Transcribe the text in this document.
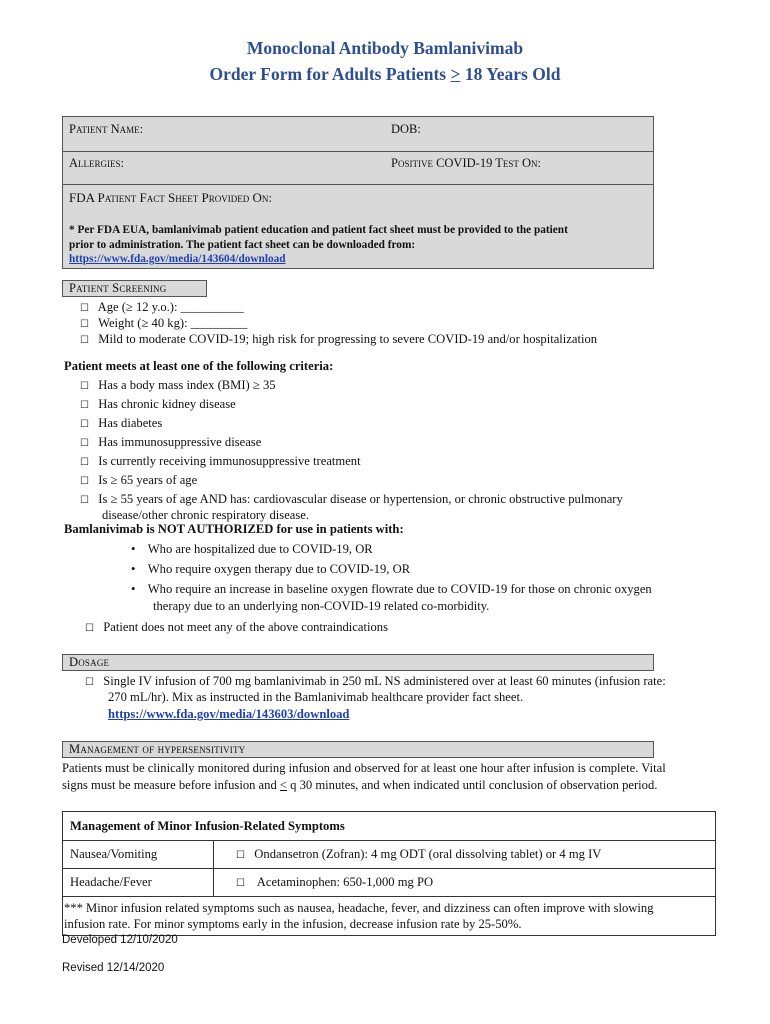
Monoclonal Antibody Bamlanivimab
Order Form for Adults Patients > 18 Years Old
Patient Name:	DOB:
Allergies:	Positive COVID-19 Test On:
FDA Patient Fact Sheet Provided On:
* Per FDA EUA, bamlanivimab patient education and patient fact sheet must be provided to the patient
prior to administration. The patient fact sheet can be downloaded from:
https://www.fda.gov/media/143604/download
Patient Screening
☐ Age (≥ 12 y.o.): __________
☐ Weight (≥ 40 kg): _________
☐ Mild to moderate COVID-19; high risk for progressing to severe COVID-19 and/or hospitalization
Patient meets at least one of the following criteria:
☐ Has a body mass index (BMI) ≥ 35
☐ Has chronic kidney disease
☐ Has diabetes
☐ Has immunosuppressive disease
☐ Is currently receiving immunosuppressive treatment
☐ Is ≥ 65 years of age
☐ Is ≥ 55 years of age AND has: cardiovascular disease or hypertension, or chronic obstructive pulmonary
disease/other chronic respiratory disease.
Bamlanivimab is NOT AUTHORIZED for use in patients with:
• Who are hospitalized due to COVID-19, OR
• Who require oxygen therapy due to COVID-19, OR
• Who require an increase in baseline oxygen flowrate due to COVID-19 for those on chronic oxygen
therapy due to an underlying non-COVID-19 related co-morbidity.
☐ Patient does not meet any of the above contraindications
Dosage
☐ Single IV infusion of 700 mg bamlanivimab in 250 mL NS administered over at least 60 minutes (infusion rate:
270 mL/hr). Mix as instructed in the Bamlanivimab healthcare provider fact sheet.
https://www.fda.gov/media/143603/download
Management of hypersensitivity
Patients must be clinically monitored during infusion and observed for at least one hour after infusion is complete. Vital
signs must be measure before infusion and < q 30 minutes, and when indicated until conclusion of observation period.
Management of Minor Infusion-Related Symptoms	
Nausea/Vomiting	☐ Ondansetron (Zofran): 4 mg ODT (oral dissolving tablet) or 4 mg IV
Headache/Fever	☐ Acetaminophen: 650-1,000 mg PO

*** Minor infusion related symptoms such as nausea, headache, fever, and dizziness can often improve with slowing
infusion rate. For minor symptoms early in the infusion, decrease infusion rate by 25-50%.	
Developed 12/10/2020
Revised 12/14/2020
